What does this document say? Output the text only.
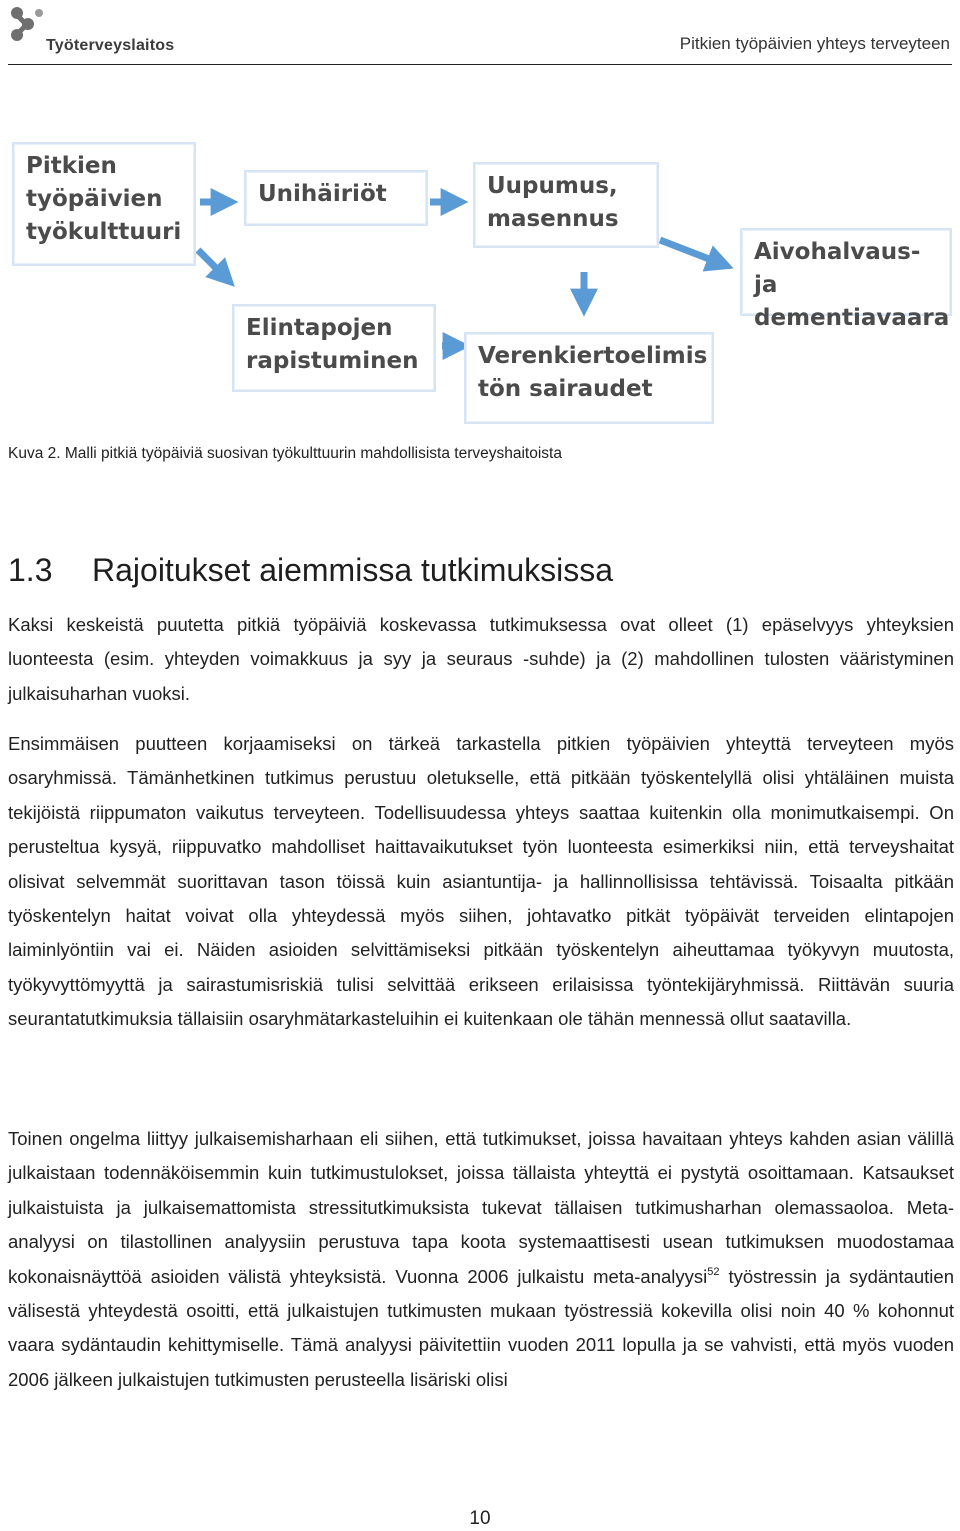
Työterveyslaitos	Pitkien työpäivien yhteys terveyteen
Pitkien
työpäivien
työkulttuuri
Unihäiriöt
Elintapojen
rapistuminen
Uupumus,
masennus
Verenkiertoelimis
tön sairaudet
Aivohalvaus- ja
dementiavaara
Kuva 2. Malli pitkiä työpäiviä suosivan työkulttuurin mahdollisista terveyshaitoista
1.3 Rajoitukset aiemmissa tutkimuksissa

Kaksi keskeistä puutetta pitkiä työpäiviä koskevassa tutkimuksessa ovat olleet (1) epäselvyys yhteyksien luonteesta (esim. yhteyden voimakkuus ja syy ja seuraus -suhde) ja (2) mahdollinen tulosten vääristyminen julkaisuharhan vuoksi.

Ensimmäisen puutteen korjaamiseksi on tärkeä tarkastella pitkien työpäivien yhteyttä terveyteen myös osaryhmissä. Tämänhetkinen tutkimus perustuu oletukselle, että pitkään työskentelyllä olisi yhtäläinen muista tekijöistä riippumaton vaikutus terveyteen. Todellisuudessa yhteys saattaa kuitenkin olla monimutkaisempi. On perusteltua kysyä, riippuvatko mahdolliset haittavaikutukset työn luonteesta esimerkiksi niin, että terveyshaitat olisivat selvemmät suorittavan tason töissä kuin asiantuntija- ja hallinnollisissa tehtävissä. Toisaalta pitkään työskentelyn haitat voivat olla yhteydessä myös siihen, johtavatko pitkät työpäivät terveiden elintapojen laiminlyöntiin vai ei. Näiden asioiden selvittämiseksi pitkään työskentelyn aiheuttamaa työkyvyn muutosta, työkyvyttömyyttä ja sairastumisriskiä tulisi selvittää erikseen erilaisissa työntekijäryhmissä. Riittävän suuria seurantatutkimuksia tällaisiin osaryhmätarkasteluihin ei kuitenkaan ole tähän mennessä ollut saatavilla.

Toinen ongelma liittyy julkaisemisharhaan eli siihen, että tutkimukset, joissa havaitaan yhteys kahden asian välillä julkaistaan todennäköisemmin kuin tutkimustulokset, joissa tällaista yhteyttä ei pystytä osoittamaan. Katsaukset julkaistuista ja julkaisemattomista stressitutkimuksista tukevat tällaisen tutkimusharhan olemassaoloa. Meta-analyysi on tilastollinen analyysiin perustuva tapa koota systemaattisesti usean tutkimuksen muodostamaa kokonaisnäyttöä asioiden välistä yhteyksistä. Vuonna 2006 julkaistu meta-analyysi$^{52}$ työstressin ja sydäntautien välisestä yhteydestä osoitti, että julkaistujen tutkimusten mukaan työstressiä kokevilla olisi noin 40 % kohonnut vaara sydäntaudin kehittymiselle. Tämä analyysi päivitettiin vuoden 2011 lopulla ja se vahvisti, että myös vuoden 2006 jälkeen julkaistujen tutkimusten perusteella lisäriski olisi

10
